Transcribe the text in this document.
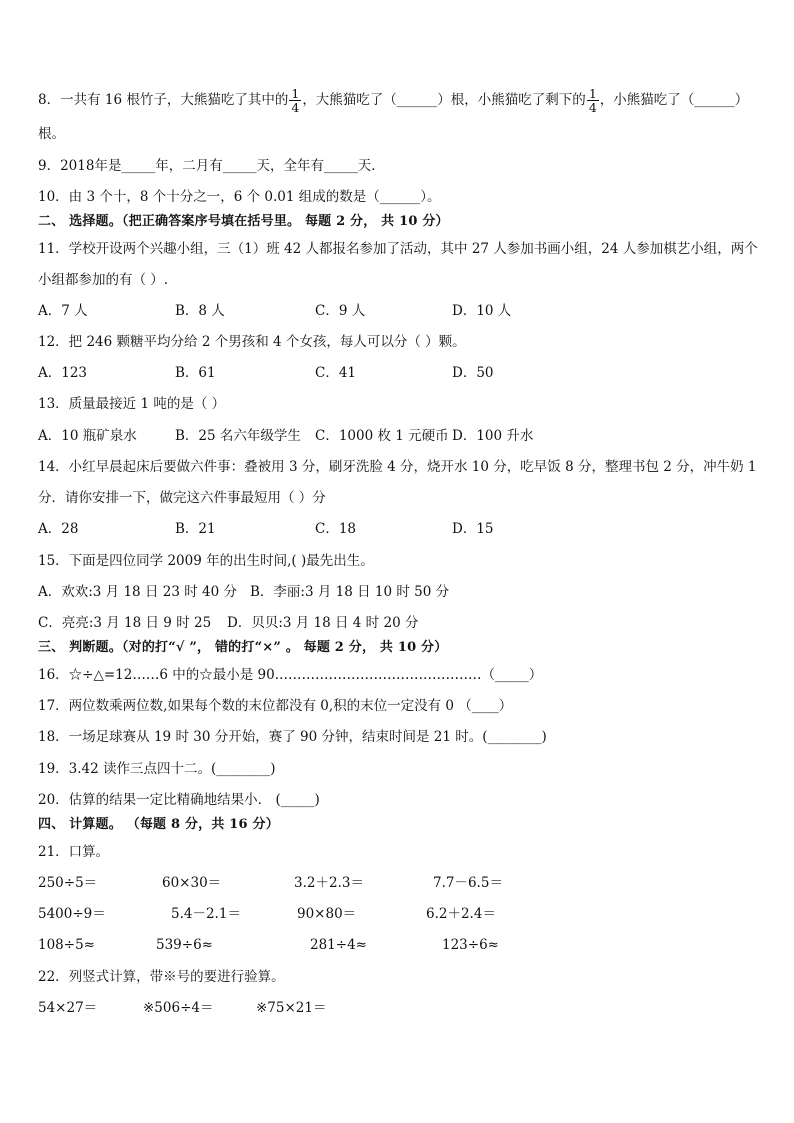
8．一共有 16 根竹子，大熊猫吃了其中的 $\frac{1}{4}$ ，大熊猫吃了（______）根，小熊猫吃了剩下的 $\frac{1}{4}$ ，小熊猫吃了（______）
根。
9．2018年是_____年，二月有_____天，全年有_____天．
10．由 3 个十，8 个十分之一，6 个 0.01 组成的数是（______）。
二、 选择题。（把正确答案序号填在括号里。 每题 2 分， 共 10 分）
11．学校开设两个兴趣小组，三（1）班 42 人都报名参加了活动，其中 27 人参加书画小组，24 人参加棋艺小组，两个
小组都参加的有（ ）.
A．7 人	B．8 人	C．9 人	D．10 人
12．把 246 颗糖平均分给 2 个男孩和 4 个女孩，每人可以分（ ）颗。
A．123	B．61	C．41	D．50
13．质量最接近 1 吨的是（ ）
A．10 瓶矿泉水	B．25 名六年级学生 C．1000 枚 1 元硬币 D．100 升水
14．小红早晨起床后要做六件事：叠被用 3 分，刷牙洗脸 4 分，烧开水 10 分，吃早饭 8 分，整理书包 2 分，冲牛奶 1
分．请你安排一下，做完这六件事最短用（ ）分
A．28	B．21	C．18	D．15
15．下面是四位同学 2009 年的出生时间,( )最先出生。
A．欢欢:3 月 18 日 23 时 40 分 B．李丽:3 月 18 日 10 时 50 分
C．亮亮:3 月 18 日 9 时 25 D．贝贝:3 月 18 日 4 时 20 分
三、 判断题。（对的打“√ ”， 错的打“×” 。 每题 2 分， 共 10 分）
16．☆÷△=12……6 中的☆最小是 90.………………………………………（_____）
17．两位数乘两位数,如果每个数的末位都没有 0,积的末位一定没有 0 （____）
18．一场足球赛从 19 时 30 分开始，赛了 90 分钟，结束时间是 21 时。(________)
19．3.42 读作三点四十二。(________)
20．估算的结果一定比精确地结果小． (_____)
四、 计算题。 （每题 8 分，共 16 分）
21．口算。
250÷5＝	60×30＝	3.2＋2.3＝	7.7－6.5＝
5400÷9＝	5.4－2.1＝	90×80＝	6.2＋2.4＝
108÷5≈	539÷6≈	281÷4≈	123÷6≈
22．列竖式计算，带※号的要进行验算。
54×27＝	※506÷4＝	※75×21＝
